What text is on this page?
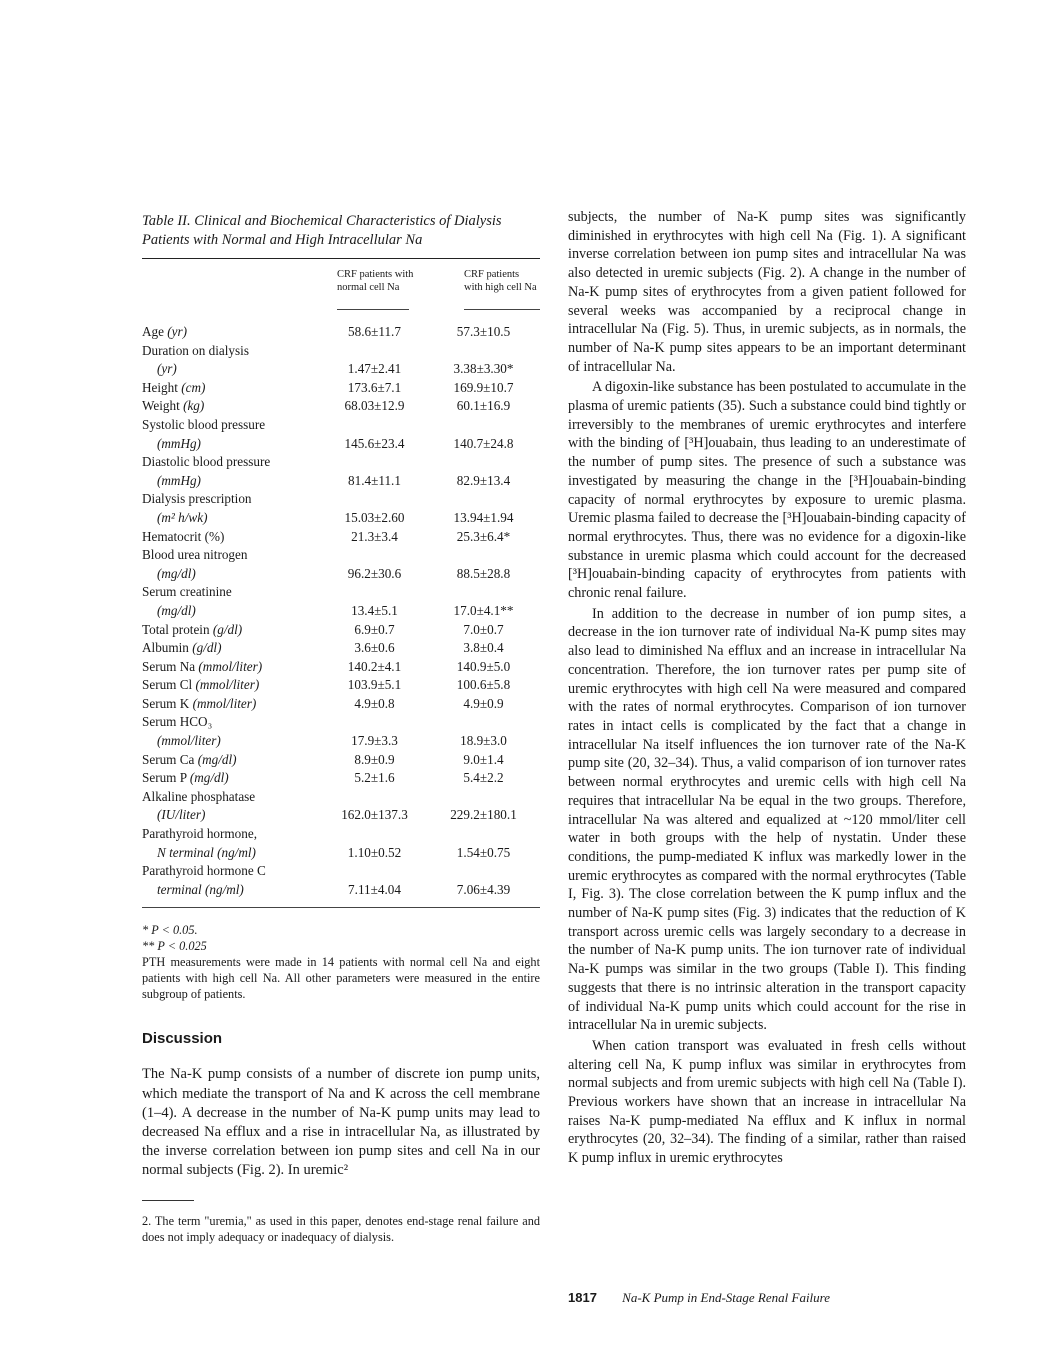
Table II. Clinical and Biochemical Characteristics of Dialysis Patients with Normal and High Intracellular Na

CRF patients with normal cell Na
CRF patients with high cell Na
Age (yr)	58.6±11.7	57.3±10.5
Duration on dialysis
(yr)	1.47±2.41	3.38±3.30*
Height (cm)	173.6±7.1	169.9±10.7
Weight (kg)	68.03±12.9	60.1±16.9
Systolic blood pressure
(mmHg)	145.6±23.4	140.7±24.8
Diastolic blood pressure
(mmHg)	81.4±11.1	82.9±13.4
Dialysis prescription
(m² h/wk)	15.03±2.60	13.94±1.94
Hematocrit (%)	21.3±3.4	25.3±6.4*
Blood urea nitrogen
(mg/dl)	96.2±30.6	88.5±28.8
Serum creatinine
(mg/dl)	13.4±5.1	17.0±4.1**
Total protein (g/dl)	6.9±0.7	7.0±0.7
Albumin (g/dl)	3.6±0.6	3.8±0.4
Serum Na (mmol/liter)	140.2±4.1	140.9±5.0
Serum Cl (mmol/liter)	103.9±5.1	100.6±5.8
Serum K (mmol/liter)	4.9±0.8	4.9±0.9
Serum HCO₃
(mmol/liter)	17.9±3.3	18.9±3.0
Serum Ca (mg/dl)	8.9±0.9	9.0±1.4
Serum P (mg/dl)	5.2±1.6	5.4±2.2
Alkaline phosphatase
(IU/liter)	162.0±137.3	229.2±180.1
Parathyroid hormone,
N terminal (ng/ml)	1.10±0.52	1.54±0.75
Parathyroid hormone C
terminal (ng/ml)	7.11±4.04	7.06±4.39

* P < 0.05.

** P < 0.025

PTH measurements were made in 14 patients with normal cell Na and eight patients with high cell Na. All other parameters were measured in the entire subgroup of patients.

Discussion

The Na-K pump consists of a number of discrete ion pump units, which mediate the transport of Na and K across the cell membrane (1–4). A decrease in the number of Na-K pump units may lead to decreased Na efflux and a rise in intracellular Na, as illustrated by the inverse correlation between ion pump sites and cell Na in our normal subjects (Fig. 2). In uremic²

2. The term "uremia," as used in this paper, denotes end-stage renal failure and does not imply adequacy or inadequacy of dialysis.

subjects, the number of Na-K pump sites was significantly diminished in erythrocytes with high cell Na (Fig. 1). A significant inverse correlation between ion pump sites and intracellular Na was also detected in uremic subjects (Fig. 2). A change in the number of Na-K pump sites of erythrocytes from a given patient followed for several weeks was accompanied by a reciprocal change in intracellular Na (Fig. 5). Thus, in uremic subjects, as in normals, the number of Na-K pump sites appears to be an important determinant of intracellular Na.

A digoxin-like substance has been postulated to accumulate in the plasma of uremic patients (35). Such a substance could bind tightly or irreversibly to the membranes of uremic erythrocytes and interfere with the binding of [³H]ouabain, thus leading to an underestimate of the number of pump sites. The presence of such a substance was investigated by measuring the change in the [³H]ouabain-binding capacity of normal erythrocytes by exposure to uremic plasma. Uremic plasma failed to decrease the [³H]ouabain-binding capacity of normal erythrocytes. Thus, there was no evidence for a digoxin-like substance in uremic plasma which could account for the decreased [³H]ouabain-binding capacity of erythrocytes from patients with chronic renal failure.

In addition to the decrease in number of ion pump sites, a decrease in the ion turnover rate of individual Na-K pump sites may also lead to diminished Na efflux and an increase in intracellular Na concentration. Therefore, the ion turnover rates per pump site of uremic erythrocytes with high cell Na were measured and compared with the rates of normal erythrocytes. Comparison of ion turnover rates in intact cells is complicated by the fact that a change in intracellular Na itself influences the ion turnover rate of the Na-K pump site (20, 32–34). Thus, a valid comparison of ion turnover rates between normal erythrocytes and uremic cells with high cell Na requires that intracellular Na be equal in the two groups. Therefore, intracellular Na was altered and equalized at ~120 mmol/liter cell water in both groups with the help of nystatin. Under these conditions, the pump-mediated K influx was markedly lower in the uremic erythrocytes as compared with the normal erythrocytes (Table I, Fig. 3). The close correlation between the K pump influx and the number of Na-K pump sites (Fig. 3) indicates that the reduction of K transport across uremic cells was largely secondary to a decrease in the number of Na-K pump units. The ion turnover rate of individual Na-K pumps was similar in the two groups (Table I). This finding suggests that there is no intrinsic alteration in the transport capacity of individual Na-K pump units which could account for the rise in intracellular Na in uremic subjects.

When cation transport was evaluated in fresh cells without altering cell Na, K pump influx was similar in erythrocytes from normal subjects and from uremic subjects with high cell Na (Table I). Previous workers have shown that an increase in intracellular Na raises Na-K pump-mediated Na efflux and K influx in normal erythrocytes (20, 32–34). The finding of a similar, rather than raised K pump influx in uremic erythrocytes

1817 Na-K Pump in End-Stage Renal Failure
